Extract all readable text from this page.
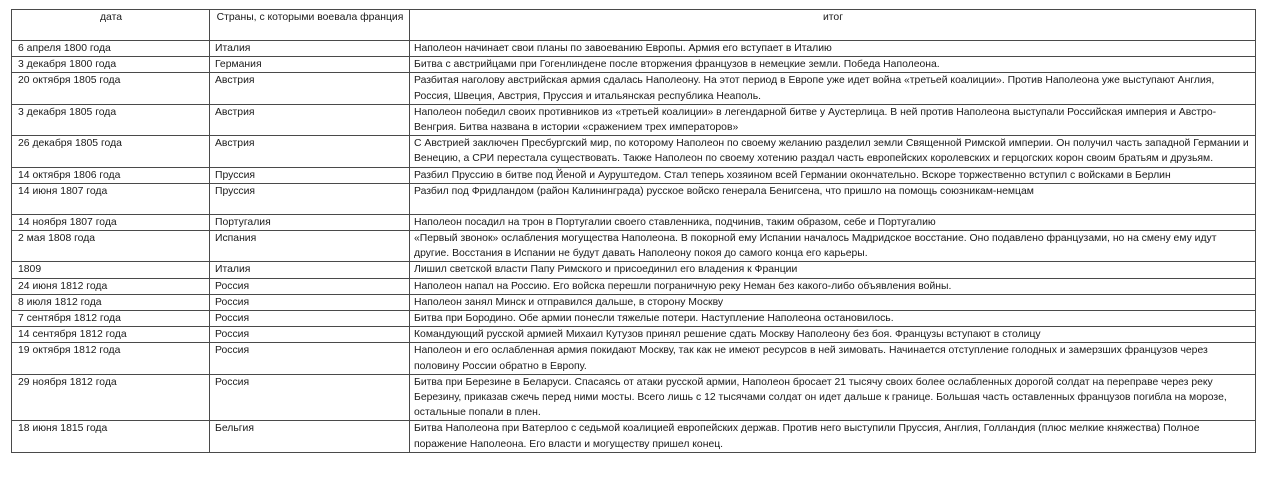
дата	Страны, с которыми воевала франция	итог
6 апреля 1800 года	Италия	Наполеон начинает свои планы по завоеванию Европы. Армия его вступает в Италию
3 декабря 1800 года	Германия	Битва с австрийцами при Гогенлиндене после вторжения французов в немецкие земли. Победа Наполеона.
20 октября 1805 года	Австрия	Разбитая наголову австрийская армия сдалась Наполеону. На этот период в Европе уже идет война «третьей коалиции». Против Наполеона уже выступают Англия, Россия, Швеция, Австрия, Пруссия и итальянская республика Неаполь.
3 декабря 1805 года	Австрия	Наполеон победил своих противников из «третьей коалиции» в легендарной битве у Аустерлица. В ней против Наполеона выступали Российская империя и Австро-Венгрия. Битва названа в истории «сражением трех императоров»
26 декабря 1805 года	Австрия	С Австрией заключен Пресбургский мир, по которому Наполеон по своему желанию разделил земли Священной Римской империи. Он получил часть западной Германии и Венецию, а СРИ перестала существовать. Также Наполеон по своему хотению раздал часть европейских королевских и герцогских корон своим братьям и друзьям.
14 октября 1806 года	Пруссия	Разбил Пруссию в битве под Йеной и Ауруштедом. Стал теперь хозяином всей Германии окончательно. Вскоре торжественно вступил с войсками в Берлин
14 июня 1807 года	Пруссия	Разбил под Фридландом (район Калининграда) русское войско генерала Бенигсена, что пришло на помощь союзникам-немцам
14 ноября 1807 года	Португалия	Наполеон посадил на трон в Португалии своего ставленника, подчинив, таким образом, себе и Португалию
2 мая 1808 года	Испания	«Первый звонок» ослабления могущества Наполеона. В покорной ему Испании началось Мадридское восстание. Оно подавлено французами, но на смену ему идут другие. Восстания в Испании не будут давать Наполеону покоя до самого конца его карьеры.
1809	Италия	Лишил светской власти Папу Римского и присоединил его владения к Франции
24 июня 1812 года	Россия	Наполеон напал на Россию. Его войска перешли пограничную реку Неман без какого-либо объявления войны.
8 июля 1812 года	Россия	Наполеон занял Минск и отправился дальше, в сторону Москву
7 сентября 1812 года	Россия	Битва при Бородино. Обе армии понесли тяжелые потери. Наступление Наполеона остановилось.
14 сентября 1812 года	Россия	Командующий русской армией Михаил Кутузов принял решение сдать Москву Наполеону без боя. Французы вступают в столицу
19 октября 1812 года	Россия	Наполеон и его ослабленная армия покидают Москву, так как не имеют ресурсов в ней зимовать. Начинается отступление голодных и замерзших французов через половину России обратно в Европу.
29 ноября 1812 года	Россия	Битва при Березине в Беларуси. Спасаясь от атаки русской армии, Наполеон бросает 21 тысячу своих более ослабленных дорогой солдат на переправе через реку Березину, приказав сжечь перед ними мосты. Всего лишь с 12 тысячами солдат он идет дальше к границе. Большая часть оставленных французов погибла на морозе, остальные попали в плен.
18 июня 1815 года	Бельгия	Битва Наполеона при Ватерлоо с седьмой коалицией европейских держав. Против него выступили Пруссия, Англия, Голландия (плюс мелкие княжества) Полное поражение Наполеона. Его власти и могуществу пришел конец.
